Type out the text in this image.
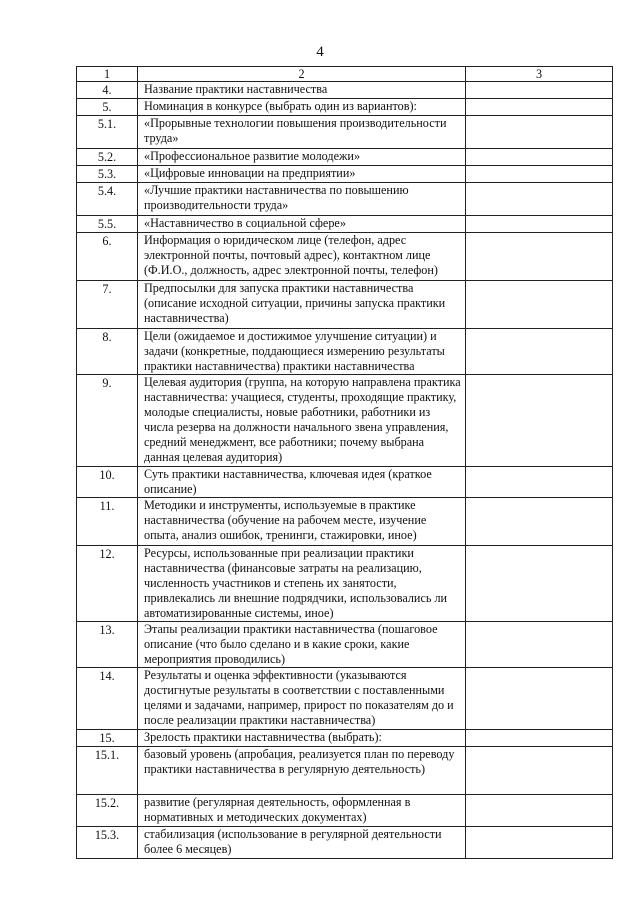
4
1	2	3
4.	Название практики наставничества	
5.	Номинация в конкурсе (выбрать один из вариантов):	
5.1.	«Прорывные технологии повышения производительности труда»	
5.2.	«Профессиональное развитие молодежи»	
5.3.	«Цифровые инновации на предприятии»	
5.4.	«Лучшие практики наставничества по повышению производительности труда»	
5.5.	«Наставничество в социальной сфере»	
6.	Информация о юридическом лице (телефон, адрес электронной почты, почтовый адрес), контактном лице (Ф.И.О., должность, адрес электронной почты, телефон)	
7.	Предпосылки для запуска практики наставничества (описание исходной ситуации, причины запуска практики наставничества)	
8.	Цели (ожидаемое и достижимое улучшение ситуации) и задачи (конкретные, поддающиеся измерению результаты практики наставничества) практики наставничества	
9.	Целевая аудитория (группа, на которую направлена практика наставничества: учащиеся, студенты, проходящие практику, молодые специалисты, новые работники, работники из числа резерва на должности начального звена управления, средний менеджмент, все работники; почему выбрана данная целевая аудитория)	
10.	Суть практики наставничества, ключевая идея (краткое описание)	
11.	Методики и инструменты, используемые в практике наставничества (обучение на рабочем месте, изучение опыта, анализ ошибок, тренинги, стажировки, иное)	
12.	Ресурсы, использованные при реализации практики наставничества (финансовые затраты на реализацию, численность участников и степень их занятости, привлекались ли внешние подрядчики, использовались ли автоматизированные системы, иное)	
13.	Этапы реализации практики наставничества (пошаговое описание (что было сделано и в какие сроки, какие мероприятия проводились)	
14.	Результаты и оценка эффективности (указываются достигнутые результаты в соответствии с поставленными целями и задачами, например, прирост по показателям до и после реализации практики наставничества)	
15.	Зрелость практики наставничества (выбрать):	
15.1.	базовый уровень (апробация, реализуется план по переводу практики наставничества в регулярную деятельность)	
15.2.	развитие (регулярная деятельность, оформленная в нормативных и методических документах)	
15.3.	стабилизация (использование в регулярной деятельности более 6 месяцев)	
